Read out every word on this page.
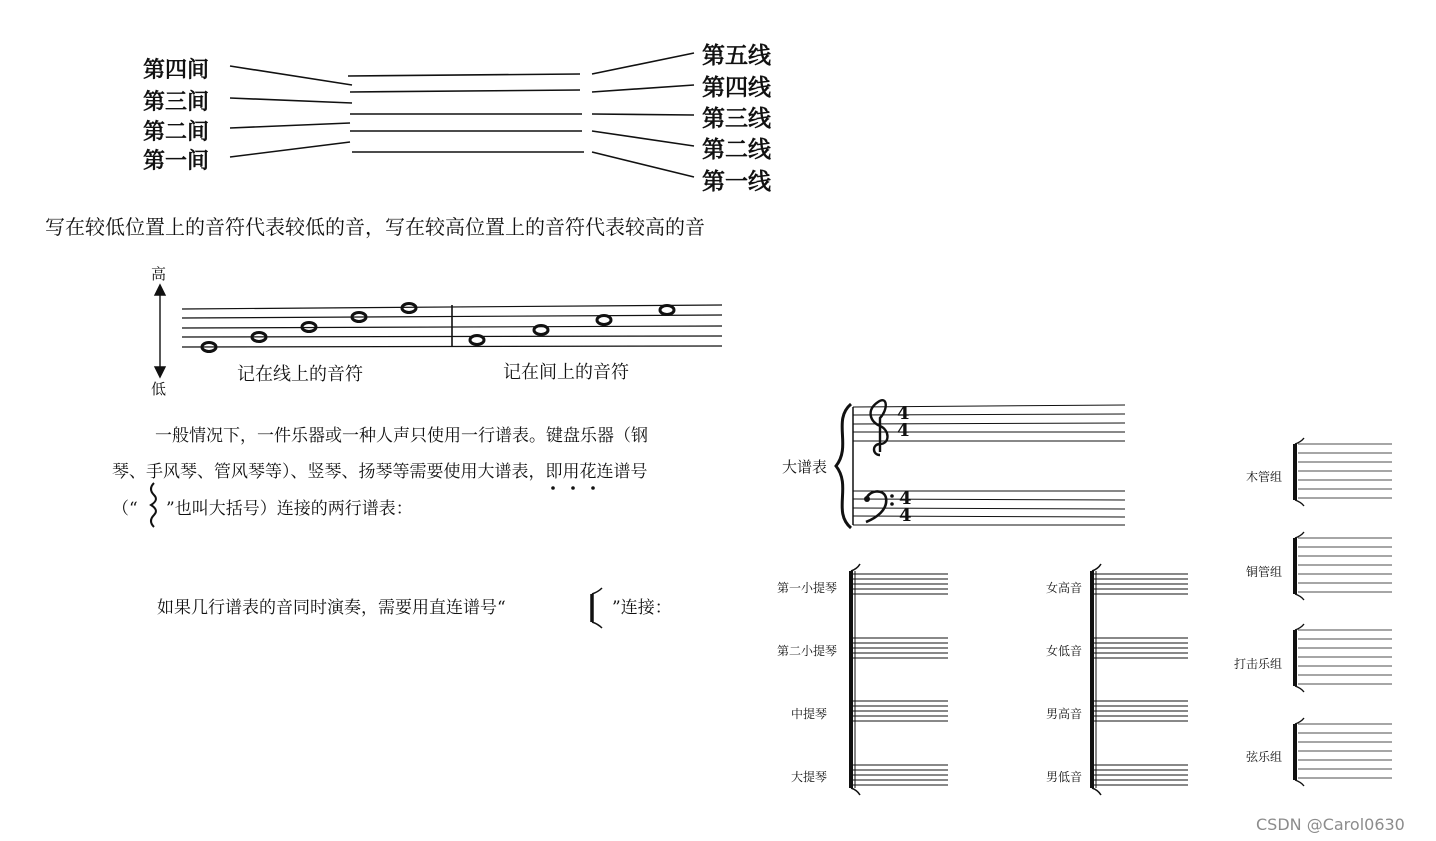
第四间
第三间
第二间
第一间
第五线
第四线
第三线
第二线
第一线
写在较低位置上的音符代表较低的音，写在较高位置上的音符代表较高的音
高
低
记在线上的音符	记在间上的音符
一般情况下，一件乐器或一种人声只使用一行谱表。键盘乐器（钢
琴、手风琴、管风琴等）、竖琴、扬琴等需要使用大谱表，即用花连谱号
（“ ”也叫大括号）连接的两行谱表：
如果几行谱表的音同时演奏，需要用直连谱号“	”连接：
大谱表
4
4
4
4
第一小提琴
第二小提琴
中提琴
大提琴
女高音
女低音
男高音
男低音
木管组
铜管组
打击乐组
弦乐组
CSDN @Carol0630
